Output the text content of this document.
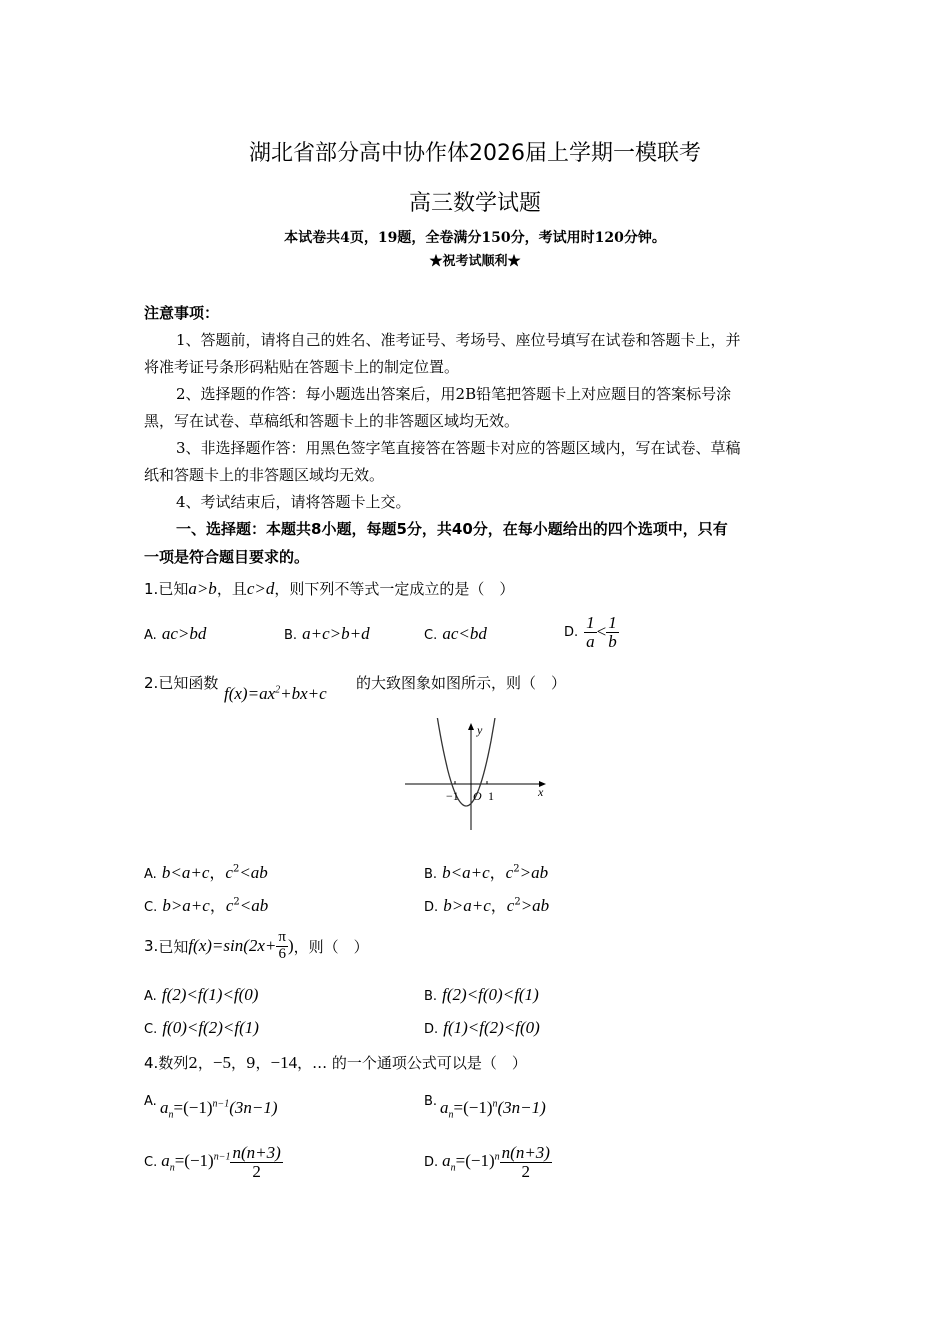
湖北省部分高中协作体2026届上学期一模联考
高三数学试题
本试卷共4页，19题，全卷满分150分，考试用时120分钟。
★祝考试顺利★
注意事项：
1、答题前，请将自己的姓名、准考证号、考场号、座位号填写在试卷和答题卡上，并
将准考证号条形码粘贴在答题卡上的制定位置。
2、选择题的作答：每小题选出答案后，用2B铅笔把答题卡上对应题目的答案标号涂
黑，写在试卷、草稿纸和答题卡上的非答题区域均无效。
3、非选择题作答：用黑色签字笔直接答在答题卡对应的答题区域内，写在试卷、草稿
纸和答题卡上的非答题区域均无效。
4、考试结束后，请将答题卡上交。
一、选择题：本题共8小题，每题5分，共40分，在每小题给出的四个选项中，只有
一项是符合题目要求的。
1.已知a>b，且c>d，则下列不等式一定成立的是（　）
A. ac>bd	B. a+c>b+d	C. ac<bd	D. $\frac{1}{a} < \frac{1}{b}$
2.已知函数
$f(x)=ax^2+bx+c$
的大致图象如图所示，则（　）
y
x
−1 O 1
A. b<a+c，$c^2<ab$	B. b<a+c，$c^2>ab$
C. b>a+c，$c^2<ab$	D. b>a+c，$c^2>ab$
3. 已知 $f(x)=\sin(2x+ \frac{\pi}{6}$ ) ，则（　）
A. f(2)<f(1)<f(0)	B. f(2)<f(0)<f(1)
C. f(0)<f(2)<f(1)	D. f(1)<f(2)<f(0)
4.数列2，−5，9，−14，… 的一个通项公式可以是（　）
A. $a_n=(-1)^{n-1}(3n-1)$	B. $a_n=(-1)^n(3n-1)$
C. $a_n=(-1)^{n-1} \frac{n(n+3)}{2}$	D. $a_n=(-1)^n \frac{n(n+3)}{2}$
